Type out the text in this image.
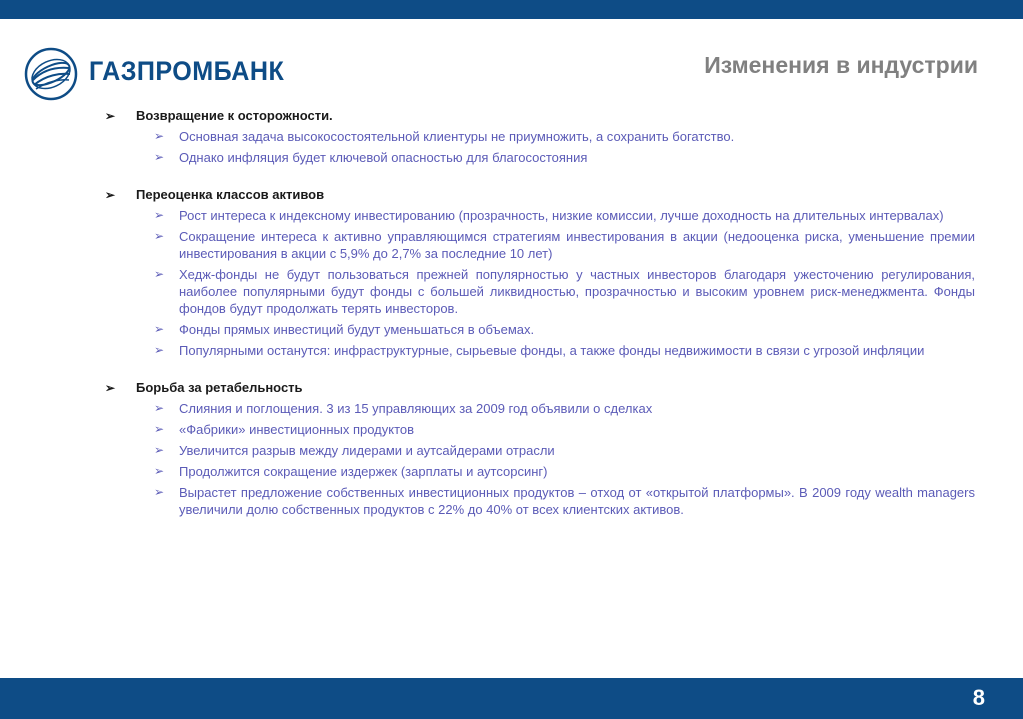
ГАЗПРОМБАНК	Изменения в индустрии
➢ Возвращение к осторожности.
➢ Основная задача высокосостоятельной клиентуры не приумножить, а сохранить богатство.
➢ Однако инфляция будет ключевой опасностью для благосостояния
➢ Переоценка классов активов
➢ Рост интереса к индексному инвестированию (прозрачность, низкие комиссии, лучше доходность на длительных интервалах)
➢ Сокращение интереса к активно управляющимся стратегиям инвестирования в акции (недооценка риска, уменьшение премии инвестирования в акции с 5,9% до 2,7% за последние 10 лет)
➢ Хедж-фонды не будут пользоваться прежней популярностью у частных инвесторов благодаря ужесточению регулирования, наиболее популярными будут фонды с большей ликвидностью, прозрачностью и высоким уровнем риск-менеджмента. Фонды фондов будут продолжать терять инвесторов.
➢ Фонды прямых инвестиций будут уменьшаться в объемах.
➢ Популярными останутся: инфраструктурные, сырьевые фонды, а также фонды недвижимости в связи с угрозой инфляции
➢ Борьба за ретабельность
➢ Слияния и поглощения. 3 из 15 управляющих за 2009 год объявили о сделках
➢ «Фабрики» инвестиционных продуктов
➢ Увеличится разрыв между лидерами и аутсайдерами отрасли
➢ Продолжится сокращение издержек (зарплаты и аутсорсинг)
➢ Вырастет предложение собственных инвестиционных продуктов – отход от «открытой платформы». В 2009 году wealth managers увеличили долю собственных продуктов с 22% до 40% от всех клиентских активов.
8
